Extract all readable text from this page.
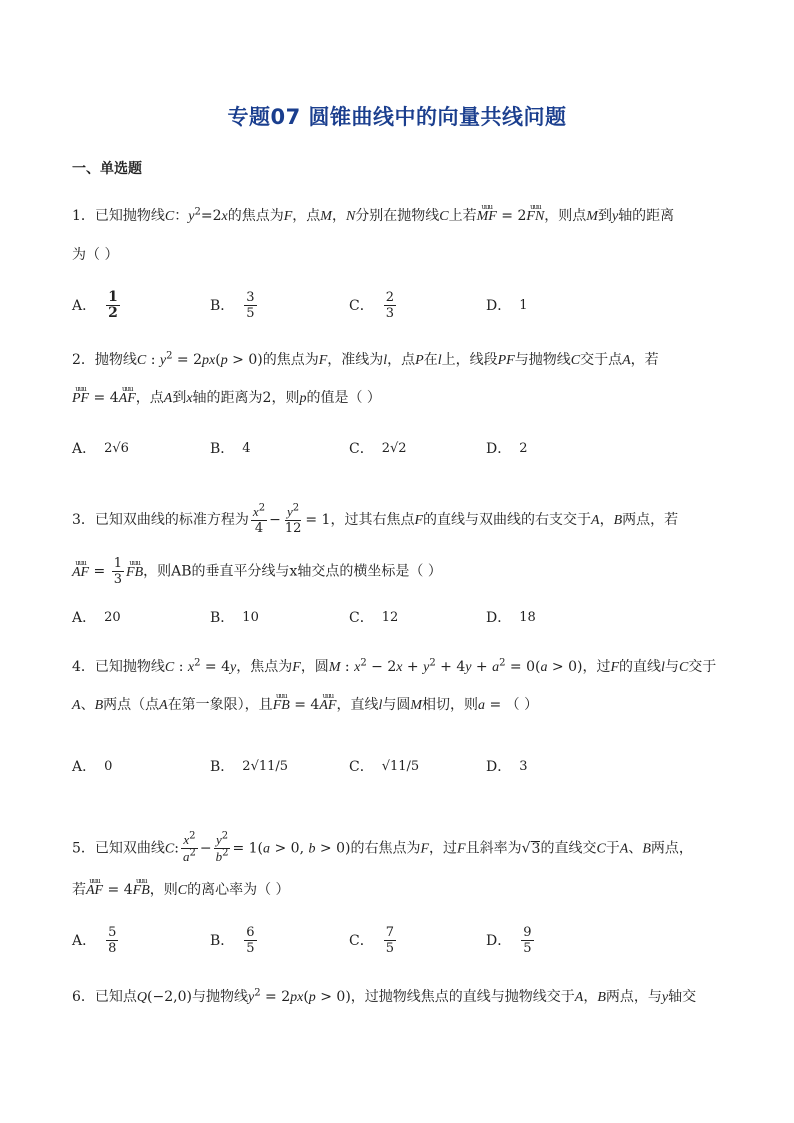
专题07 圆锥曲线中的向量共线问题
一、单选题
1．已知抛物线C：$y^2=2x$的焦点为F，点M，N分别在抛物线C上若uuu MF = 2uuu FN，则点M到y轴的距离
为（ ）
A． $\frac{1}{2}$	B． $\frac{3}{5}$	C． $\frac{2}{3}$	D． 1
2．抛物线C : $y^2 = 2px(p > 0)$的焦点为F，准线为l，点P在l上，线段PF与抛物线C交于点A，若
uuu PF = 4uuu AF，点A到x轴的距离为2，则p的值是（ ）
A． 2√6	B． 4	C． 2√2	D． 2
3．已知双曲线的标准方程为 $\frac{x^2}{4} - \frac{y^2}{12} = 1$，过其右焦点F的直线与双曲线的右支交于A，B两点，若
uuu AF = $\frac{1}{3}$
uuu FB，则AB的垂直平分线与x轴交点的横坐标是（ ）
A． 20	B． 10	C． 12	D． 18
4．已知抛物线C : $x^2 = 4y$，焦点为F，圆M : $x^2 - 2x + y^2 + 4y + a^2 = 0(a > 0)$，过F的直线l与C交于
A、B两点（点A在第一象限），且uuu FB = 4uuu AF，直线l与圆M相切，则a = （ ）
A． 0	B． 2√11/5	C． √11/5	D． 3
5．已知双曲线C: $\frac{x^2}{a^2} - \frac{y^2}{b^2} = 1(a > 0$, b > 0)的右焦点为F，过F且斜率为√3的直线交C于A、B两点，
若uuu AF = 4uuu FB，则C的离心率为（ ）
A． $\frac{5}{8}$	B． $\frac{6}{5}$	C． $\frac{7}{5}$	D． $\frac{9}{5}$
6．已知点Q(−2,0)与抛物线$y^2 = 2px(p > 0)$，过抛物线焦点的直线与抛物线交于A，B两点，与y轴交
